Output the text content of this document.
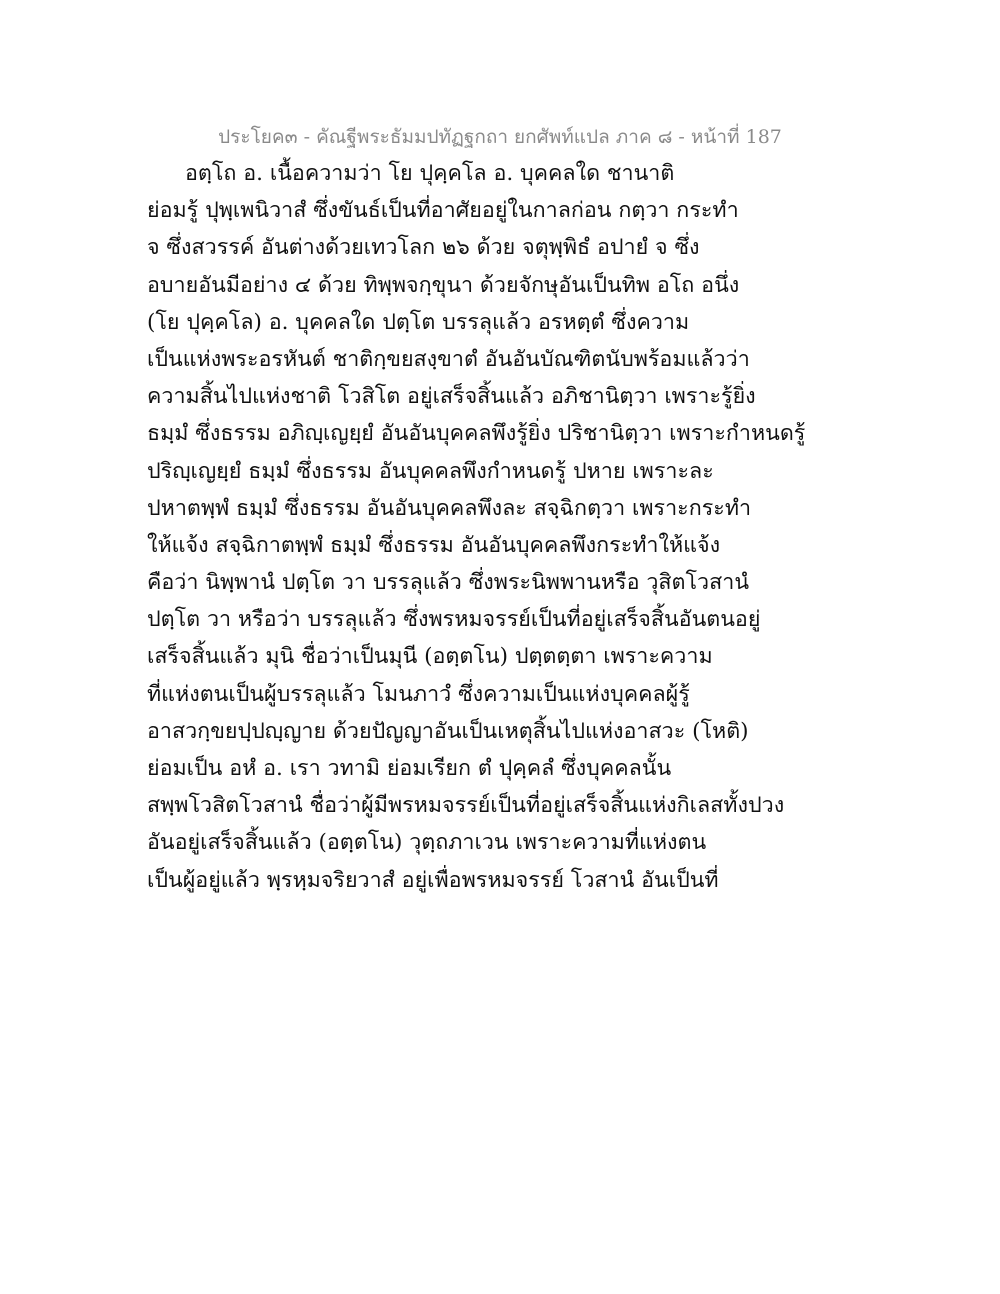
ประโยค๓ - คัณฐีพระธัมมปทัฏฐกถา ยกศัพท์แปล ภาค ๘ - หน้าที่ 187
อตฺโถ อ. เนื้อความว่า โย ปุคฺคโล อ. บุคคลใด ชานาติ
ย่อมรู้ ปุพฺเพนิวาสํ ซึ่งขันธ์เป็นที่อาศัยอยู่ในกาลก่อน กตฺวา กระทำ
จ ซึ่งสวรรค์ อันต่างด้วยเทวโลก ๒๖ ด้วย จตุพฺพิธํ อปายํ จ ซึ่ง
อบายอันมีอย่าง ๔ ด้วย ทิพฺพจกฺขุนา ด้วยจักษุอันเป็นทิพ อโถ อนึ่ง
(โย ปุคฺคโล) อ. บุคคลใด ปตฺโต บรรลุแล้ว อรหตฺตํ ซึ่งความ
เป็นแห่งพระอรหันต์ ชาติกฺขยสงฺขาตํ อันอันบัณฑิตนับพร้อมแล้วว่า
ความสิ้นไปแห่งชาติ โวสิโต อยู่เสร็จสิ้นแล้ว อภิชานิตฺวา เพราะรู้ยิ่ง
ธมฺมํ ซึ่งธรรม อภิญฺเญยฺยํ อันอันบุคคลพึงรู้ยิ่ง ปริชานิตฺวา เพราะกำหนดรู้
ปริญฺเญยฺยํ ธมฺมํ ซึ่งธรรม อันบุคคลพึงกำหนดรู้ ปหาย เพราะละ
ปหาตพฺพํ ธมฺมํ ซึ่งธรรม อันอันบุคคลพึงละ สจฺฉิกตฺวา เพราะกระทำ
ให้แจ้ง สจฺฉิกาตพฺพํ ธมฺมํ ซึ่งธรรม อันอันบุคคลพึงกระทำให้แจ้ง
คือว่า นิพฺพานํ ปตฺโต วา บรรลุแล้ว ซึ่งพระนิพพานหรือ วุสิตโวสานํ
ปตฺโต วา หรือว่า บรรลุแล้ว ซึ่งพรหมจรรย์เป็นที่อยู่เสร็จสิ้นอันตนอยู่
เสร็จสิ้นแล้ว มุนิ ชื่อว่าเป็นมุนี (อตฺตโน) ปตฺตตฺตา เพราะความ
ที่แห่งตนเป็นผู้บรรลุแล้ว โมนภาวํ ซึ่งความเป็นแห่งบุคคลผู้รู้
อาสวกฺขยปฺปญฺญาย ด้วยปัญญาอันเป็นเหตุสิ้นไปแห่งอาสวะ (โหติ)
ย่อมเป็น อหํ อ. เรา วทามิ ย่อมเรียก ตํ ปุคฺคลํ ซึ่งบุคคลนั้น
สพฺพโวสิตโวสานํ ชื่อว่าผู้มีพรหมจรรย์เป็นที่อยู่เสร็จสิ้นแห่งกิเลสทั้งปวง
อันอยู่เสร็จสิ้นแล้ว (อตฺตโน) วุตฺถภาเวน เพราะความที่แห่งตน
เป็นผู้อยู่แล้ว พฺรหฺมจริยวาสํ อยู่เพื่อพรหมจรรย์ โวสานํ อันเป็นที่
